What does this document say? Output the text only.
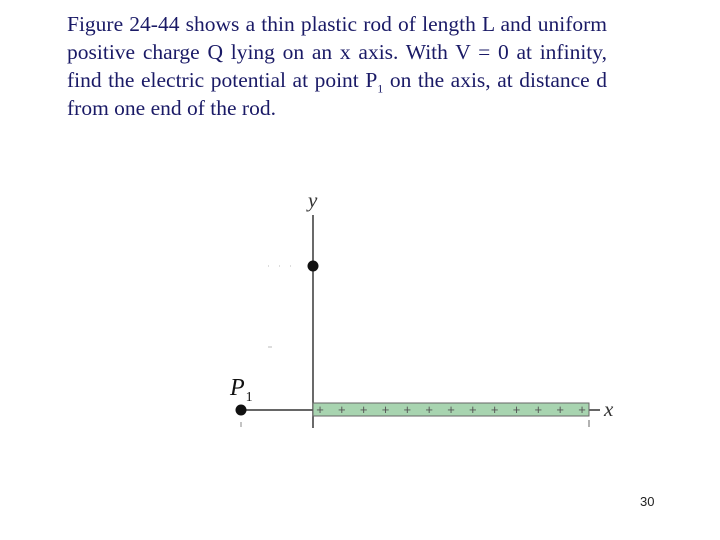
Figure 24-44 shows a thin plastic rod of length L and uniform positive charge Q lying on an x axis. With V = 0 at infinity, find the electric potential at point $P_1$ on the axis, at distance d from one end of the rod.

y
x
+ + + + + + + + + + + + +
$P_1$
30
